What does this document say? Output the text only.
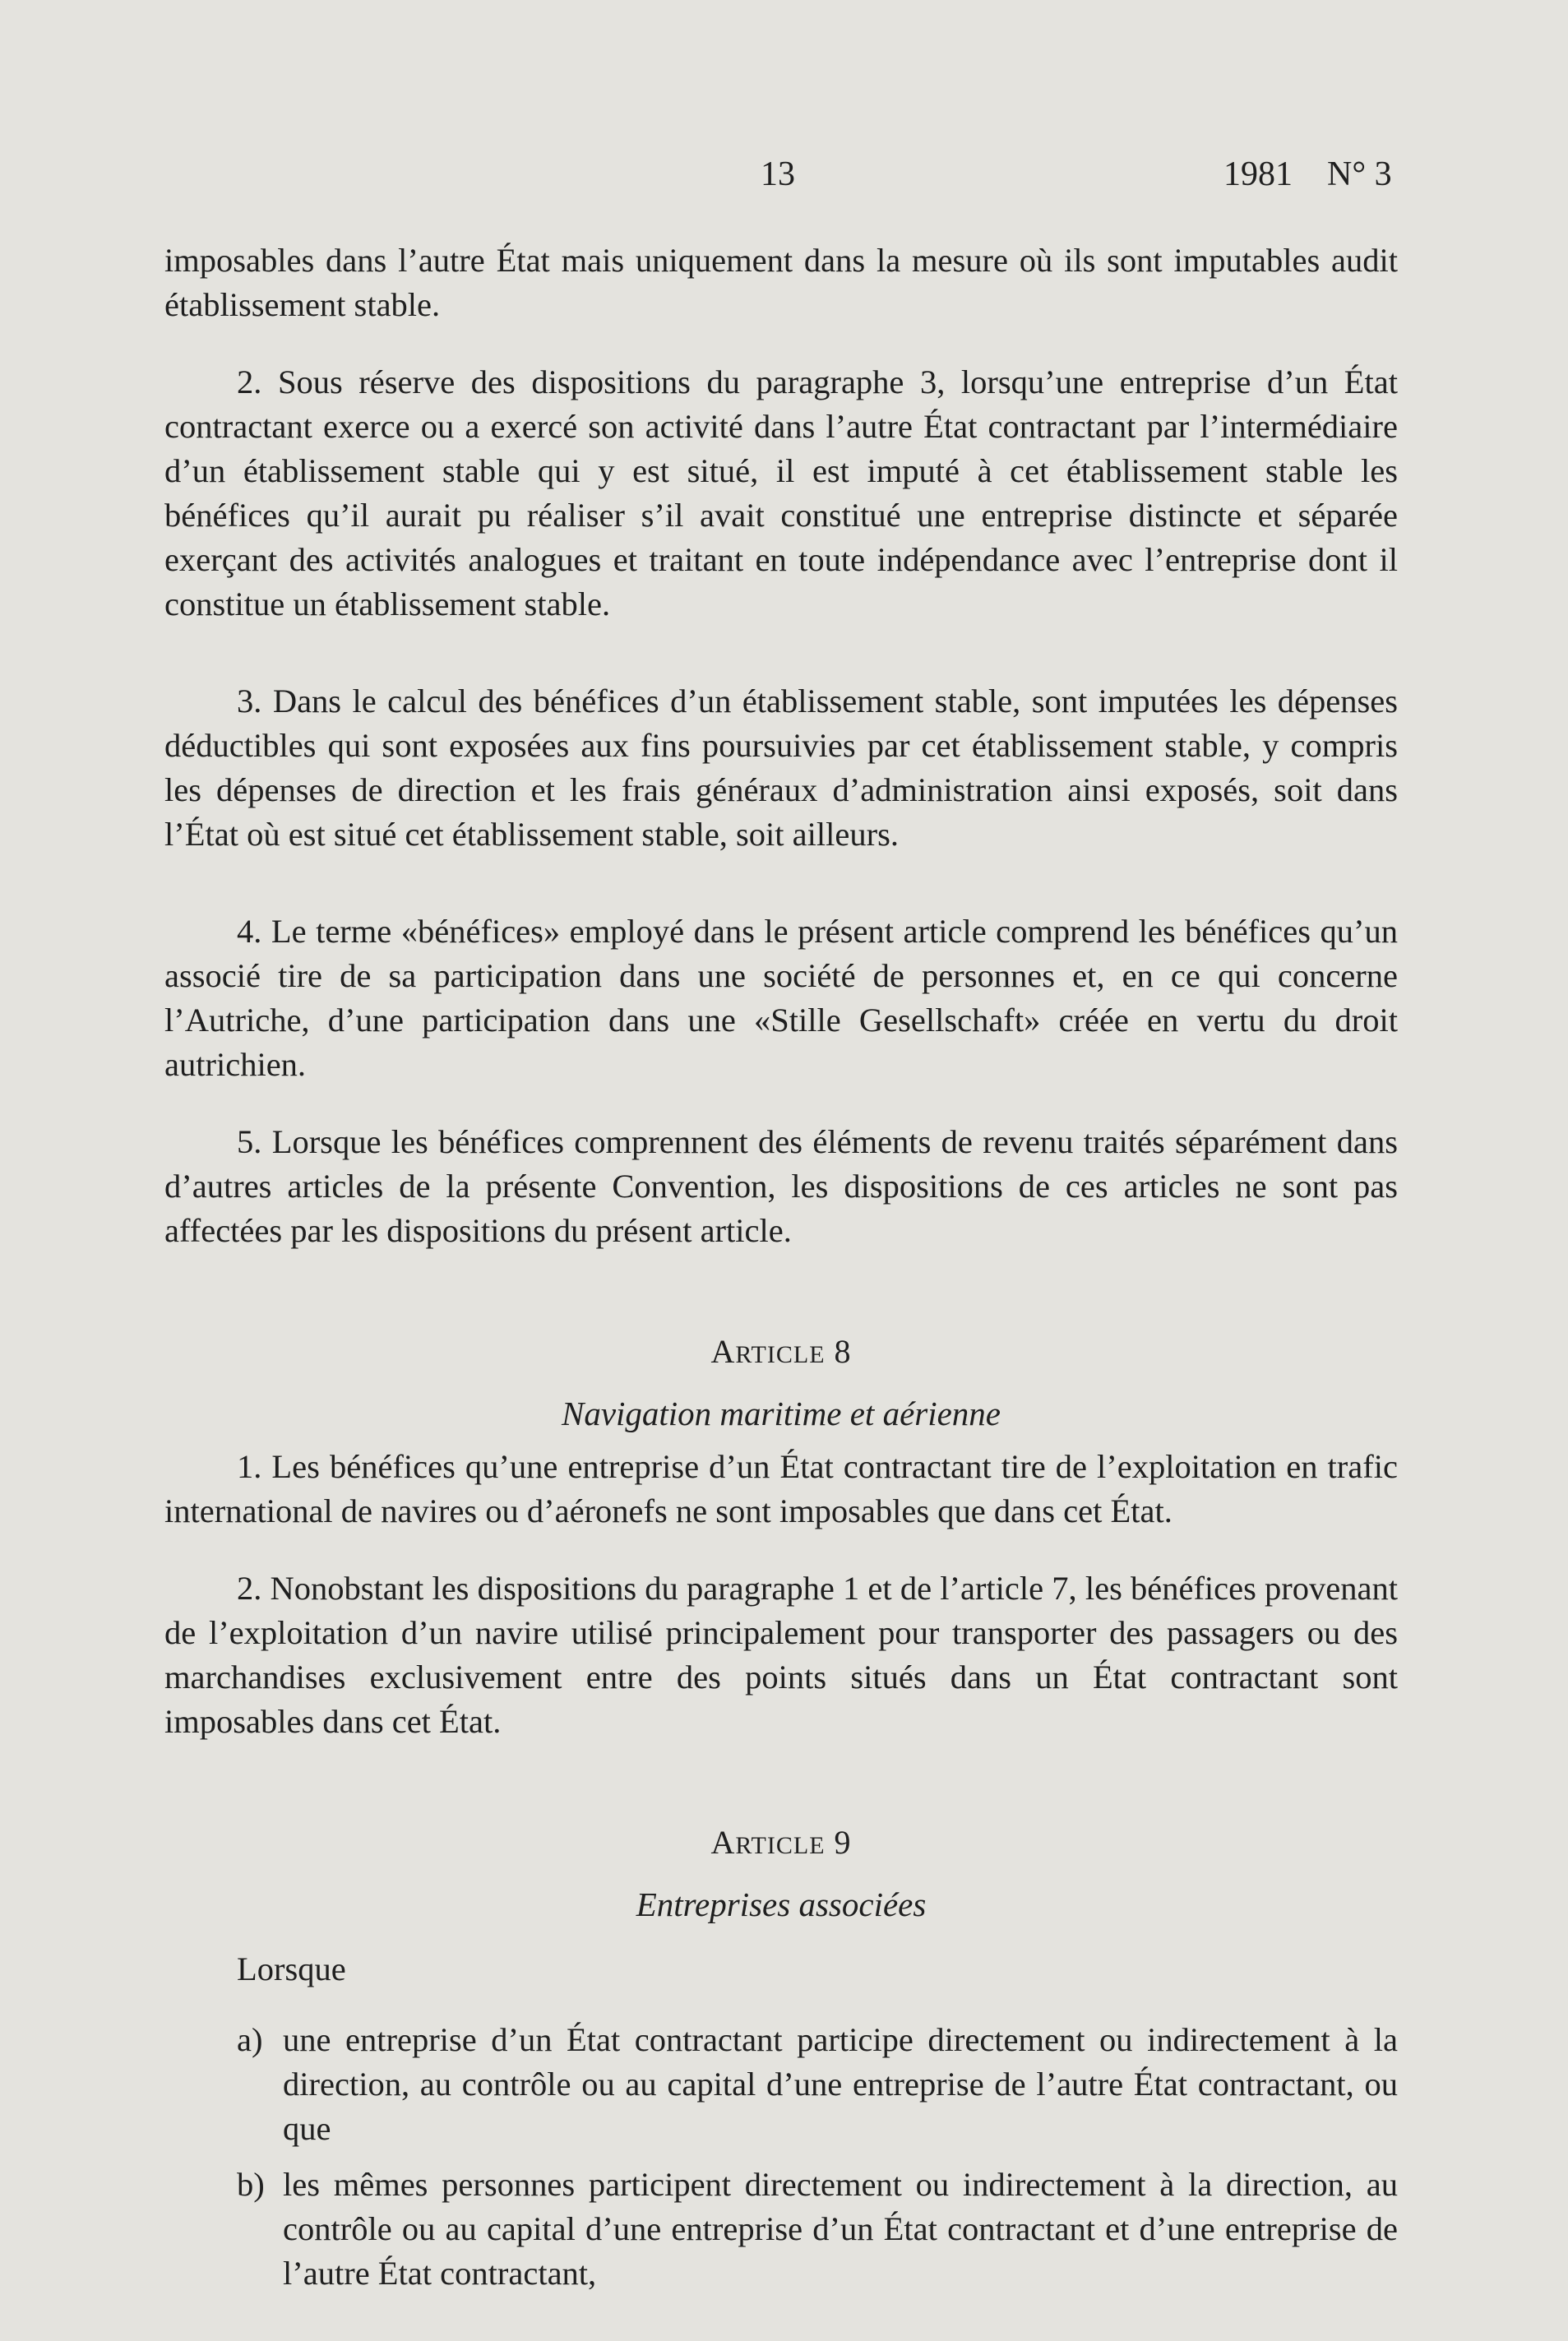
13	1981    N° 3

imposables dans l’autre État mais uniquement dans la mesure où ils sont imputables audit établissement stable.

2. Sous réserve des dispositions du paragraphe 3, lorsqu’une entreprise d’un État contractant exerce ou a exercé son activité dans l’autre État contractant par l’intermédiaire d’un établissement stable qui y est situé, il est imputé à cet établissement stable les bénéfices qu’il aurait pu réaliser s’il avait constitué une entreprise distincte et séparée exerçant des activités analogues et traitant en toute indépendance avec l’entreprise dont il constitue un établissement stable.

3. Dans le calcul des bénéfices d’un établissement stable, sont imputées les dépenses déductibles qui sont exposées aux fins poursuivies par cet établissement stable, y compris les dépenses de direction et les frais généraux d’administration ainsi exposés, soit dans l’État où est situé cet établissement stable, soit ailleurs.

4. Le terme «bénéfices» employé dans le présent article comprend les bénéfices qu’un associé tire de sa participation dans une société de personnes et, en ce qui concerne l’Autriche, d’une participation dans une «Stille Gesellschaft» créée en vertu du droit autrichien.

5. Lorsque les bénéfices comprennent des éléments de revenu traités séparément dans d’autres articles de la présente Convention, les dispositions de ces articles ne sont pas affectées par les dispositions du présent article.

ARTICLE 8

Navigation maritime et aérienne

1. Les bénéfices qu’une entreprise d’un État contractant tire de l’exploitation en trafic international de navires ou d’aéronefs ne sont imposables que dans cet État.

2. Nonobstant les dispositions du paragraphe 1 et de l’article 7, les bénéfices provenant de l’exploitation d’un navire utilisé principalement pour transporter des passagers ou des marchandises exclusivement entre des points situés dans un État contractant sont imposables dans cet État.

ARTICLE 9

Entreprises associées

Lorsque

a) une entreprise d’un État contractant participe directement ou indirectement à la direction, au contrôle ou au capital d’une entreprise de l’autre État contractant, ou que
b) les mêmes personnes participent directement ou indirectement à la direction, au contrôle ou au capital d’une entreprise d’un État contractant et d’une entreprise de l’autre État contractant,
